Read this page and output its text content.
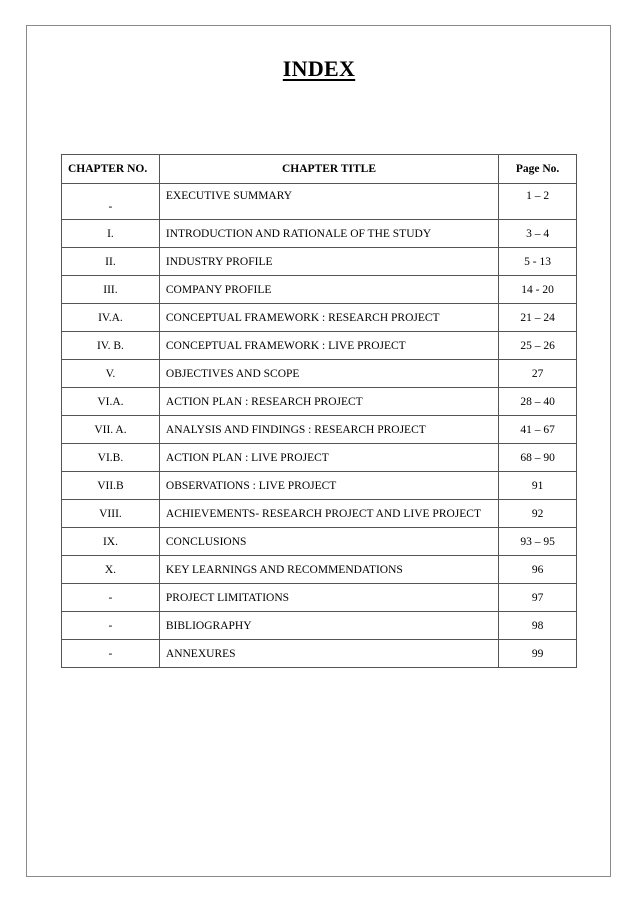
INDEX
CHAPTER NO.	CHAPTER TITLE	Page No.
-	EXECUTIVE SUMMARY	1 – 2
I.	INTRODUCTION AND RATIONALE OF THE STUDY	3 – 4
II.	INDUSTRY PROFILE	5 - 13
III.	COMPANY PROFILE	14 - 20
IV.A.	CONCEPTUAL FRAMEWORK : RESEARCH PROJECT	21 – 24
IV. B.	CONCEPTUAL FRAMEWORK : LIVE PROJECT	25 – 26
V.	OBJECTIVES AND SCOPE	27
VI.A.	ACTION PLAN : RESEARCH PROJECT	28 – 40
VII. A.	ANALYSIS AND FINDINGS : RESEARCH PROJECT	41 – 67
VI.B.	ACTION PLAN : LIVE PROJECT	68 – 90
VII.B	OBSERVATIONS : LIVE PROJECT	91
VIII.	ACHIEVEMENTS- RESEARCH PROJECT AND LIVE PROJECT	92
IX.	CONCLUSIONS	93 – 95
X.	KEY LEARNINGS AND RECOMMENDATIONS	96
-	PROJECT LIMITATIONS	97
-	BIBLIOGRAPHY	98
-	ANNEXURES	99
